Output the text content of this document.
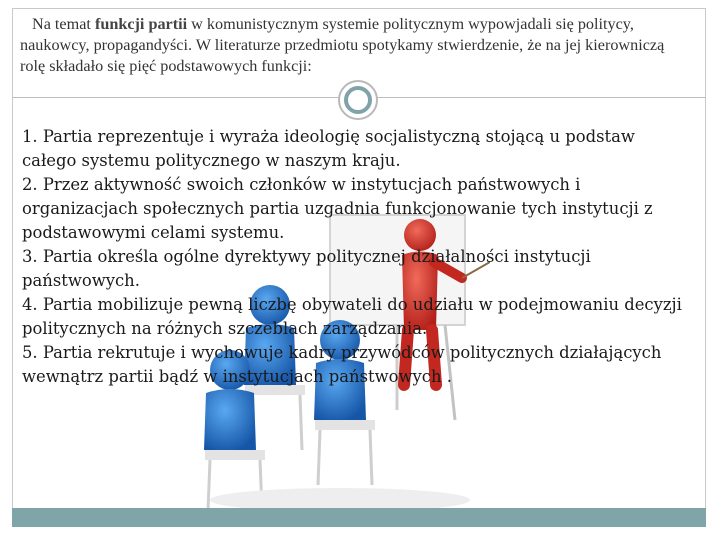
Na temat funkcji partii w komunistycznym systemie politycznym wypowjadali się politycy, naukowcy, propagandyści. W literaturze przedmiotu spotykamy stwierdzenie, że na jej kierowniczą rolę składało się pięć podstawowych funkcji:

1. Partia reprezentuje i wyraża ideologię socjalistyczną stojącą u podstaw całego systemu politycznego w naszym kraju.

2. Przez aktywność swoich członków w instytucjach państwowych i organizacjach społecznych partia uzgadnia funkcjonowanie tych instytucji z podstawowymi celami systemu.

3. Partia określa ogólne dyrektywy politycznej działalności instytucji państwowych.

4. Partia mobilizuje pewną liczbę obywateli do udziału w podejmowaniu decyzji politycznych na różnych szczeblach zarządzania.

5. Partia rekrutuje i wychowuje kadry przywódców politycznych działających wewnątrz partii bądź w instytucjach państwowych .
